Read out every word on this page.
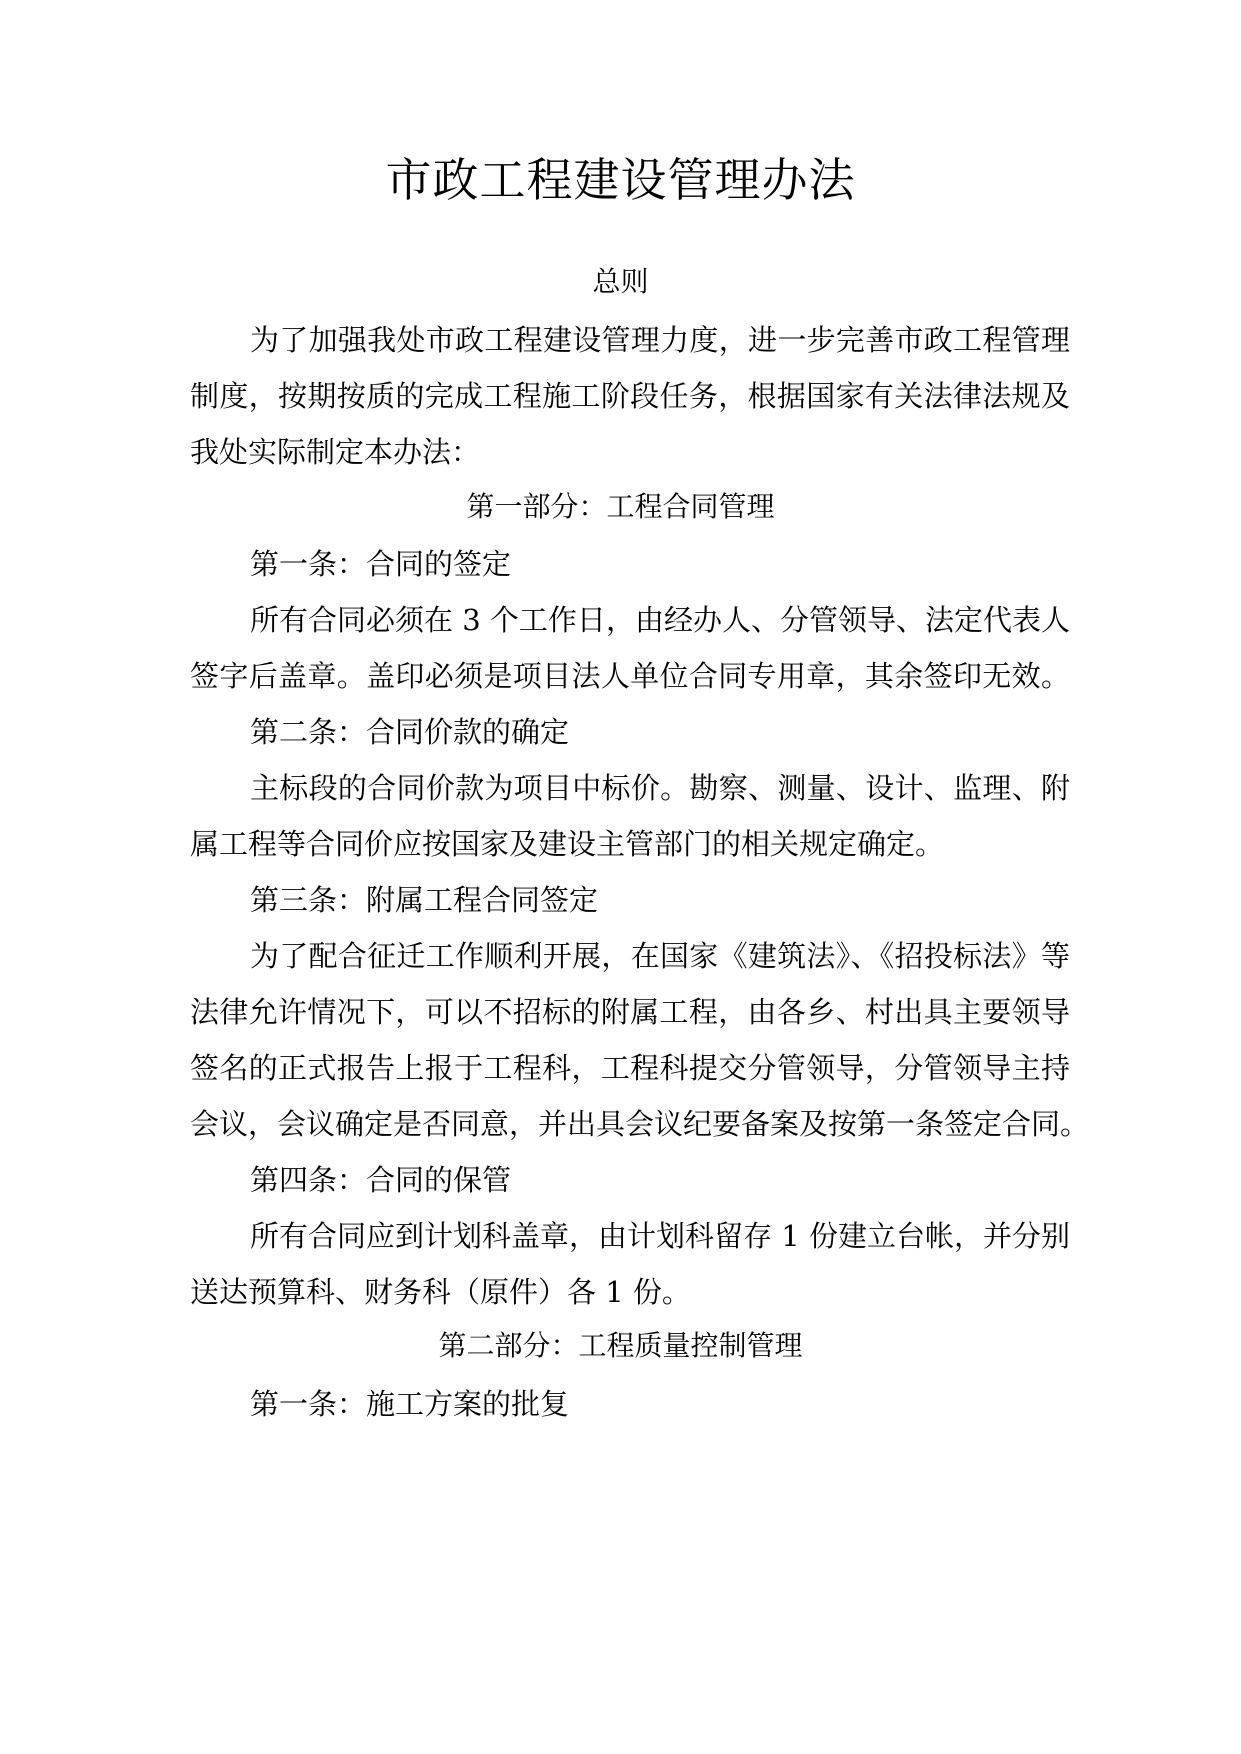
市政工程建设管理办法
总则
为了加强我处市政工程建设管理力度，进一步完善市政工程管理
制度，按期按质的完成工程施工阶段任务，根据国家有关法律法规及
我处实际制定本办法：
第一部分：工程合同管理
第一条：合同的签定
所有合同必须在 3 个工作日，由经办人、分管领导、法定代表人
签字后盖章。盖印必须是项目法人单位合同专用章，其余签印无效。
第二条：合同价款的确定
主标段的合同价款为项目中标价。勘察、测量、设计、监理、附
属工程等合同价应按国家及建设主管部门的相关规定确定。
第三条：附属工程合同签定
为了配合征迁工作顺利开展，在国家《建筑法》、《招投标法》等
法律允许情况下，可以不招标的附属工程，由各乡、村出具主要领导
签名的正式报告上报于工程科，工程科提交分管领导，分管领导主持
会议，会议确定是否同意，并出具会议纪要备案及按第一条签定合同。
第四条：合同的保管
所有合同应到计划科盖章，由计划科留存 1 份建立台帐，并分别
送达预算科、财务科（原件）各 1 份。
第二部分：工程质量控制管理
第一条：施工方案的批复
